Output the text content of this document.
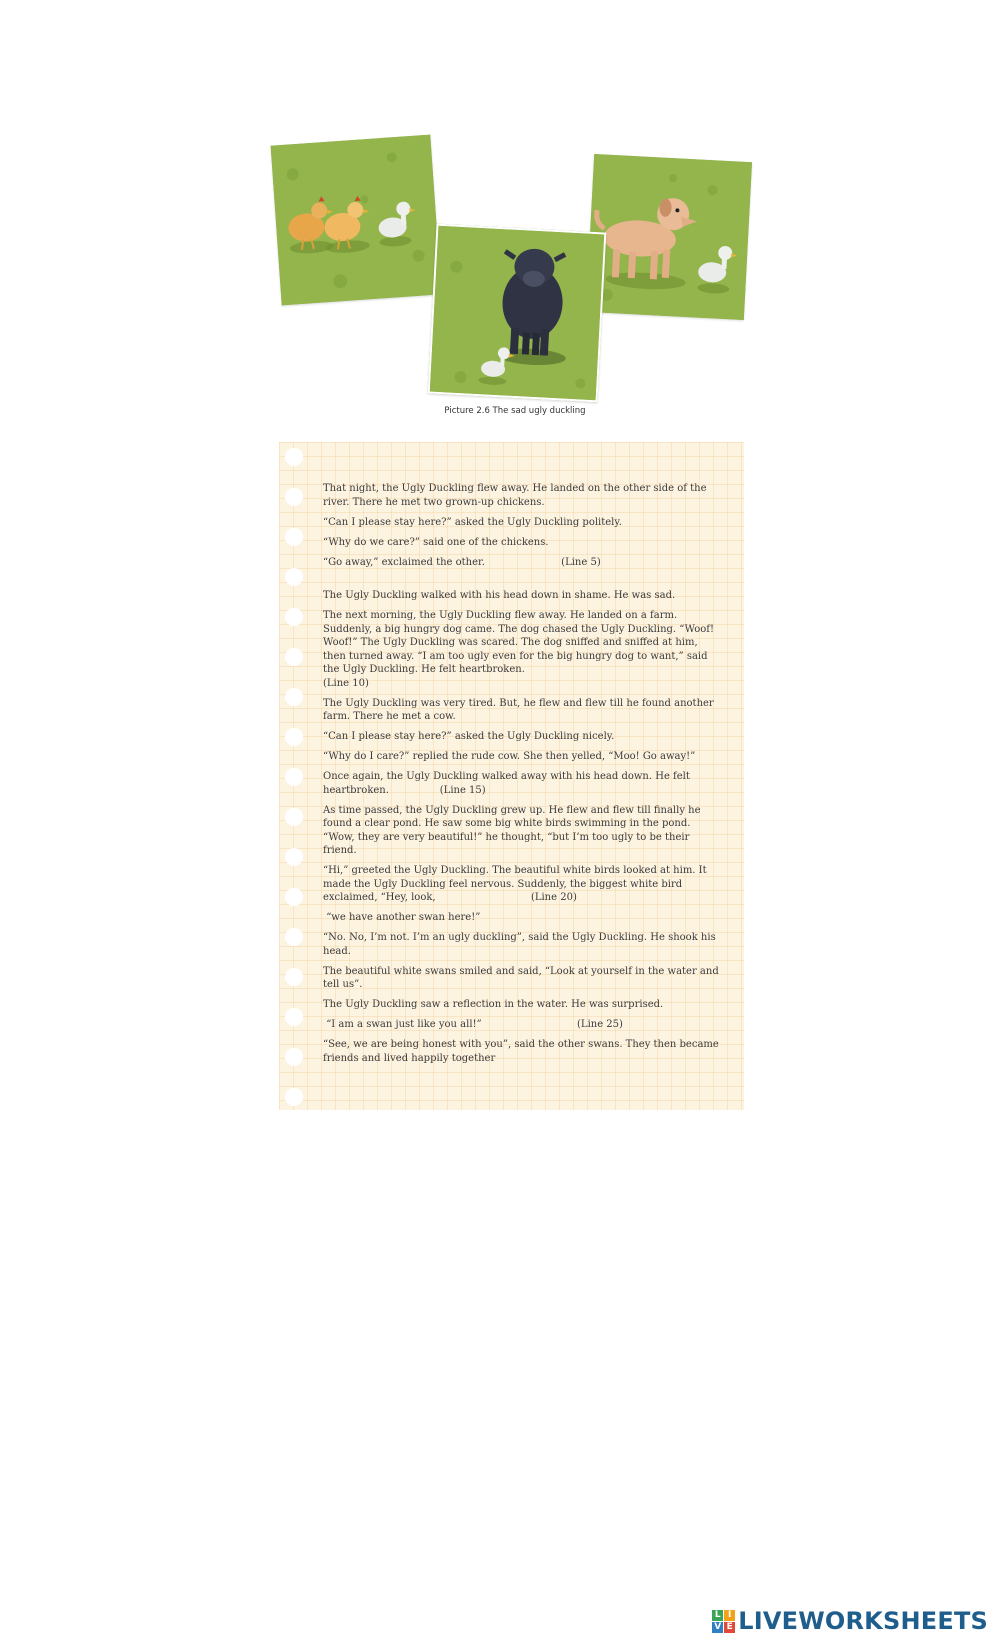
Picture 2.6 The sad ugly duckling

That night, the Ugly Duckling flew away. He landed on the other side of the river. There he met two grown-up chickens.

“Can I please stay here?” asked the Ugly Duckling politely.

“Why do we care?” said one of the chickens.

“Go away,” exclaimed the other.                        (Line 5)

The Ugly Duckling walked with his head down in shame. He was sad.

The next morning, the Ugly Duckling flew away. He landed on a farm. Suddenly, a big hungry dog came. The dog chased the Ugly Duckling. “Woof! Woof!” The Ugly Duckling was scared. The dog sniffed and sniffed at him, then turned away. “I am too ugly even for the big hungry dog to want,” said the Ugly Duckling. He felt heartbroken.
(Line 10)

The Ugly Duckling was very tired. But, he flew and flew till he found another farm. There he met a cow.

“Can I please stay here?” asked the Ugly Duckling nicely.

“Why do I care?” replied the rude cow. She then yelled, “Moo! Go away!”

Once again, the Ugly Duckling walked away with his head down. He felt heartbroken.                (Line 15)

As time passed, the Ugly Duckling grew up. He flew and flew till finally he found a clear pond. He saw some big white birds swimming in the pond. “Wow, they are very beautiful!” he thought, “but I’m too ugly to be their friend.

“Hi,” greeted the Ugly Duckling. The beautiful white birds looked at him. It made the Ugly Duckling feel nervous. Suddenly, the biggest white bird exclaimed, “Hey, look,                              (Line 20)

“we have another swan here!”

“No. No, I’m not. I’m an ugly duckling”, said the Ugly Duckling. He shook his head.

The beautiful white swans smiled and said, “Look at yourself in the water and tell us”.

The Ugly Duckling saw a reflection in the water. He was surprised.

“I am a swan just like you all!”                              (Line 25)

“See, we are being honest with you”, said the other swans. They then became friends and lived happily together

L I
V E LIVEWORKSHEETS
